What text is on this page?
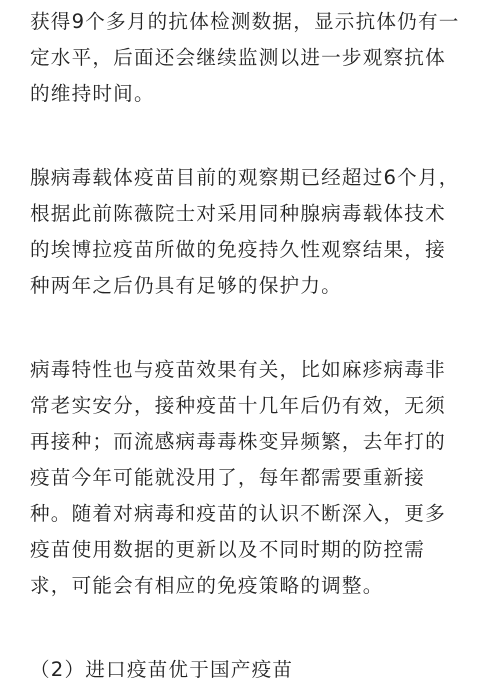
获得9个多月的抗体检测数据，显示抗体仍有一
定水平，后面还会继续监测以进一步观察抗体
的维持时间。
腺病毒载体疫苗目前的观察期已经超过6个月，
根据此前陈薇院士对采用同种腺病毒载体技术
的埃博拉疫苗所做的免疫持久性观察结果，接
种两年之后仍具有足够的保护力。
病毒特性也与疫苗效果有关，比如麻疹病毒非
常老实安分，接种疫苗十几年后仍有效，无须
再接种；而流感病毒毒株变异频繁，去年打的
疫苗今年可能就没用了，每年都需要重新接
种。随着对病毒和疫苗的认识不断深入，更多
疫苗使用数据的更新以及不同时期的防控需
求，可能会有相应的免疫策略的调整。
（2）进口疫苗优于国产疫苗
